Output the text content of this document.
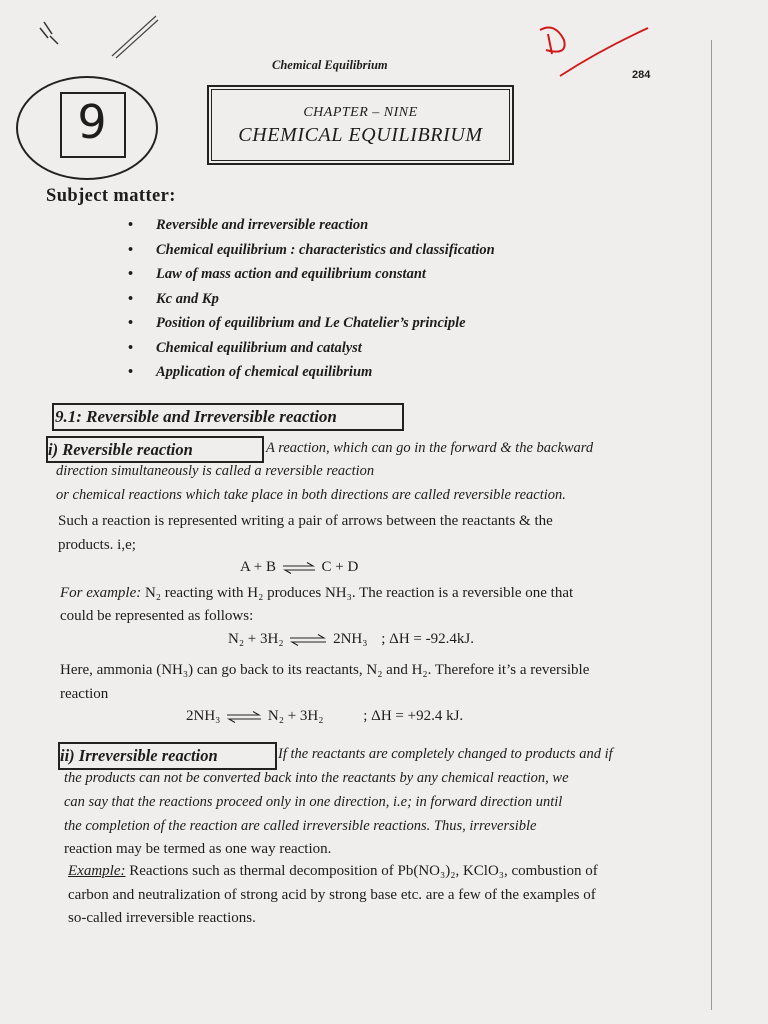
Chemical Equilibrium
284
9	CHAPTER – NINE
CHEMICAL EQUILIBRIUM
Subject matter:
• Reversible and irreversible reaction
• Chemical equilibrium : characteristics and classification
• Law of mass action and equilibrium constant
• Kc and Kp
• Position of equilibrium and Le Chatelier’s principle
• Chemical equilibrium and catalyst
• Application of chemical equilibrium
9.1: Reversible and Irreversible reaction
i) Reversible reaction	A reaction, which can go in the forward & the backward
direction simultaneously is called a reversible reaction
or chemical reactions which take place in both directions are called reversible reaction.
Such a reaction is represented writing a pair of arrows between the reactants & the
products. i,e;
A + B ⇌ C + D
For example: N₂ reacting with H₂ produces NH₃. The reaction is a reversible one that
could be represented as follows:
N₂ + 3H₂ ⇌ 2NH₃ ; ΔH = -92.4kJ.
Here, ammonia (NH₃) can go back to its reactants, N₂ and H₂. Therefore it’s a reversible
reaction
2NH₃ ⇌ N₂ + 3H₂	; ΔH = +92.4 kJ.
ii) Irreversible reaction	If the reactants are completely changed to products and if
the products can not be converted back into the reactants by any chemical reaction, we
can say that the reactions proceed only in one direction, i.e; in forward direction until
the completion of the reaction are called irreversible reactions. Thus, irreversible
reaction may be termed as one way reaction.
Example: Reactions such as thermal decomposition of Pb(NO₃)₂, KClO₃, combustion of
carbon and neutralization of strong acid by strong base etc. are a few of the examples of
so-called irreversible reactions.
